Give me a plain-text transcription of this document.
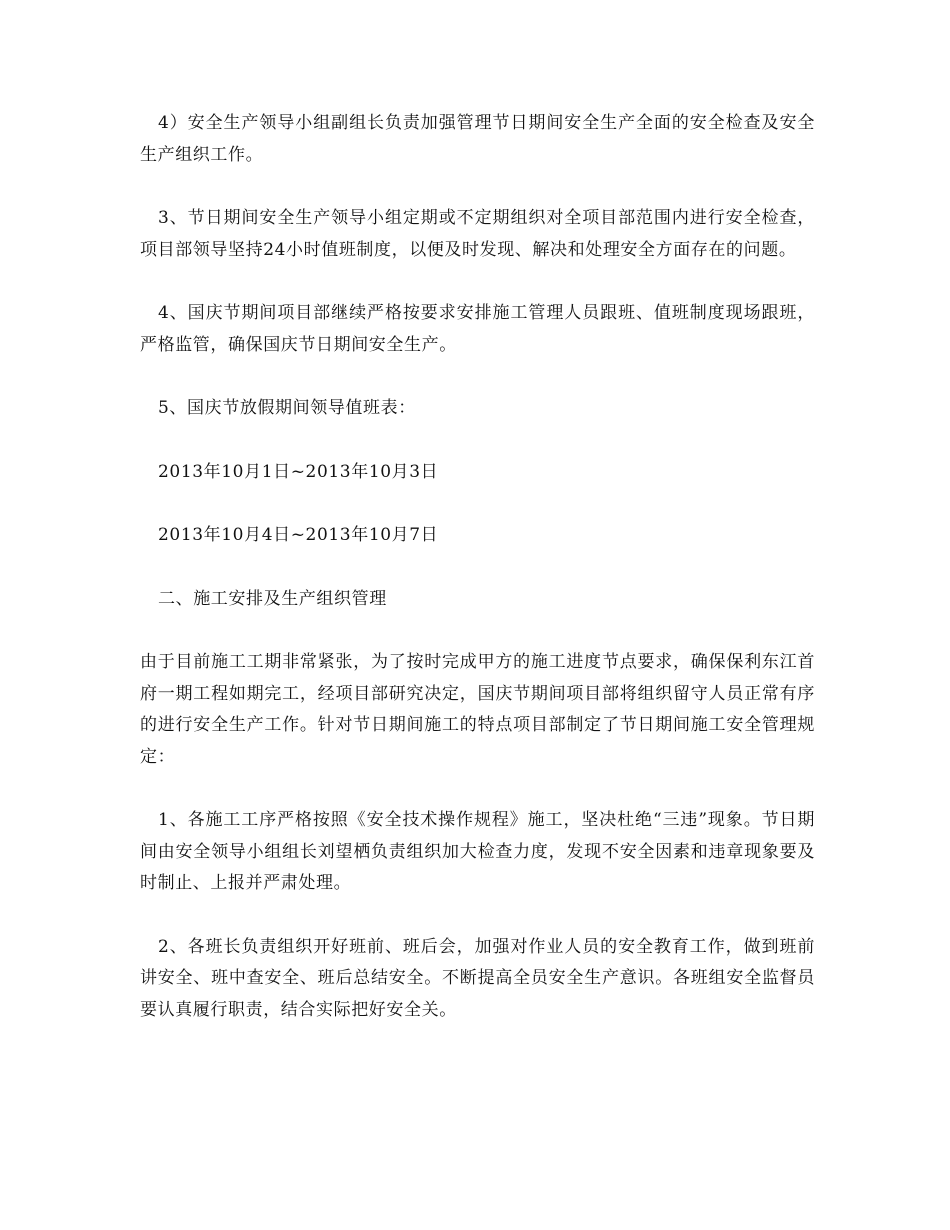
4）安全生产领导小组副组长负责加强管理节日期间安全生产全面的安全检查及安全生产组织工作。

3、节日期间安全生产领导小组定期或不定期组织对全项目部范围内进行安全检查，项目部领导坚持24小时值班制度，以便及时发现、解决和处理安全方面存在的问题。

4、国庆节期间项目部继续严格按要求安排施工管理人员跟班、值班制度现场跟班，严格监管，确保国庆节日期间安全生产。

5、国庆节放假期间领导值班表：

2013年10月1日~2013年10月3日

2013年10月4日~2013年10月7日

二、施工安排及生产组织管理

由于目前施工工期非常紧张，为了按时完成甲方的施工进度节点要求，确保保利东江首府一期工程如期完工，经项目部研究决定，国庆节期间项目部将组织留守人员正常有序的进行安全生产工作。针对节日期间施工的特点项目部制定了节日期间施工安全管理规定：

1、各施工工序严格按照《安全技术操作规程》施工，坚决杜绝“三违”现象。节日期间由安全领导小组组长刘望栖负责组织加大检查力度，发现不安全因素和违章现象要及时制止、上报并严肃处理。

2、各班长负责组织开好班前、班后会，加强对作业人员的安全教育工作，做到班前讲安全、班中查安全、班后总结安全。不断提高全员安全生产意识。各班组安全监督员要认真履行职责，结合实际把好安全关。
